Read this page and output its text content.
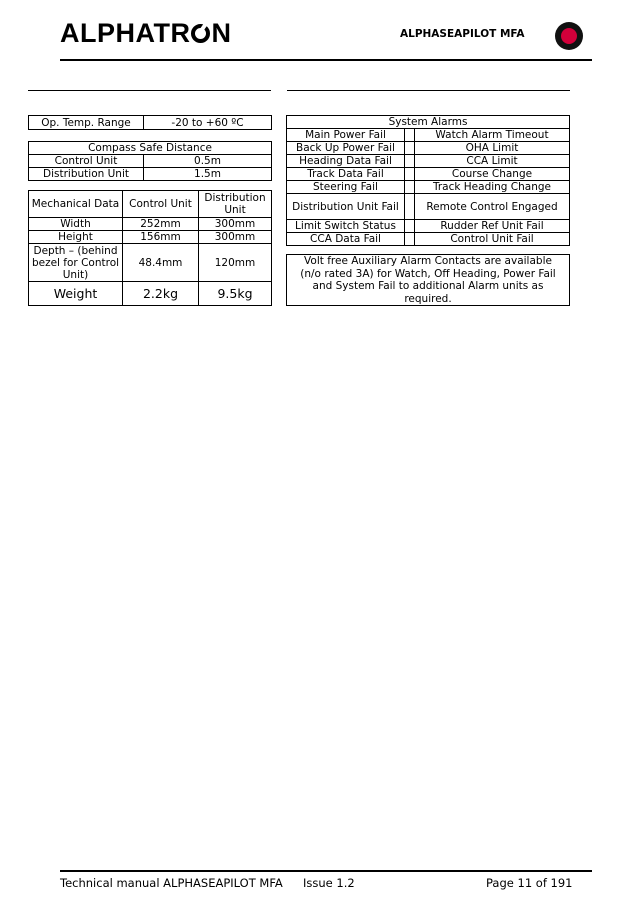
ALPHATR N	ALPHASEAPILOT MFA
Op. Temp. Range	-20 to +60 ºC
Compass Safe Distance	
Control Unit	0.5m
Distribution Unit	1.5m
Mechanical Data	Control Unit	Distribution Unit
Width	252mm	300mm
Height	156mm	300mm
Depth – (behind bezel for Control Unit)	48.4mm	120mm
Weight	2.2kg	9.5kg
System Alarms		
Main Power Fail		Watch Alarm Timeout
Back Up Power Fail		OHA Limit
Heading Data Fail		CCA Limit
Track Data Fail		Course Change
Steering Fail		Track Heading Change
Distribution Unit Fail		Remote Control Engaged
Limit Switch Status		Rudder Ref Unit Fail
CCA Data Fail		Control Unit Fail
Volt free Auxiliary Alarm Contacts are available (n/o rated 3A) for Watch, Off Heading, Power Fail and System Fail to additional Alarm units as required.
Technical manual ALPHASEAPILOT MFA Issue 1.2	Page 11 of 191
